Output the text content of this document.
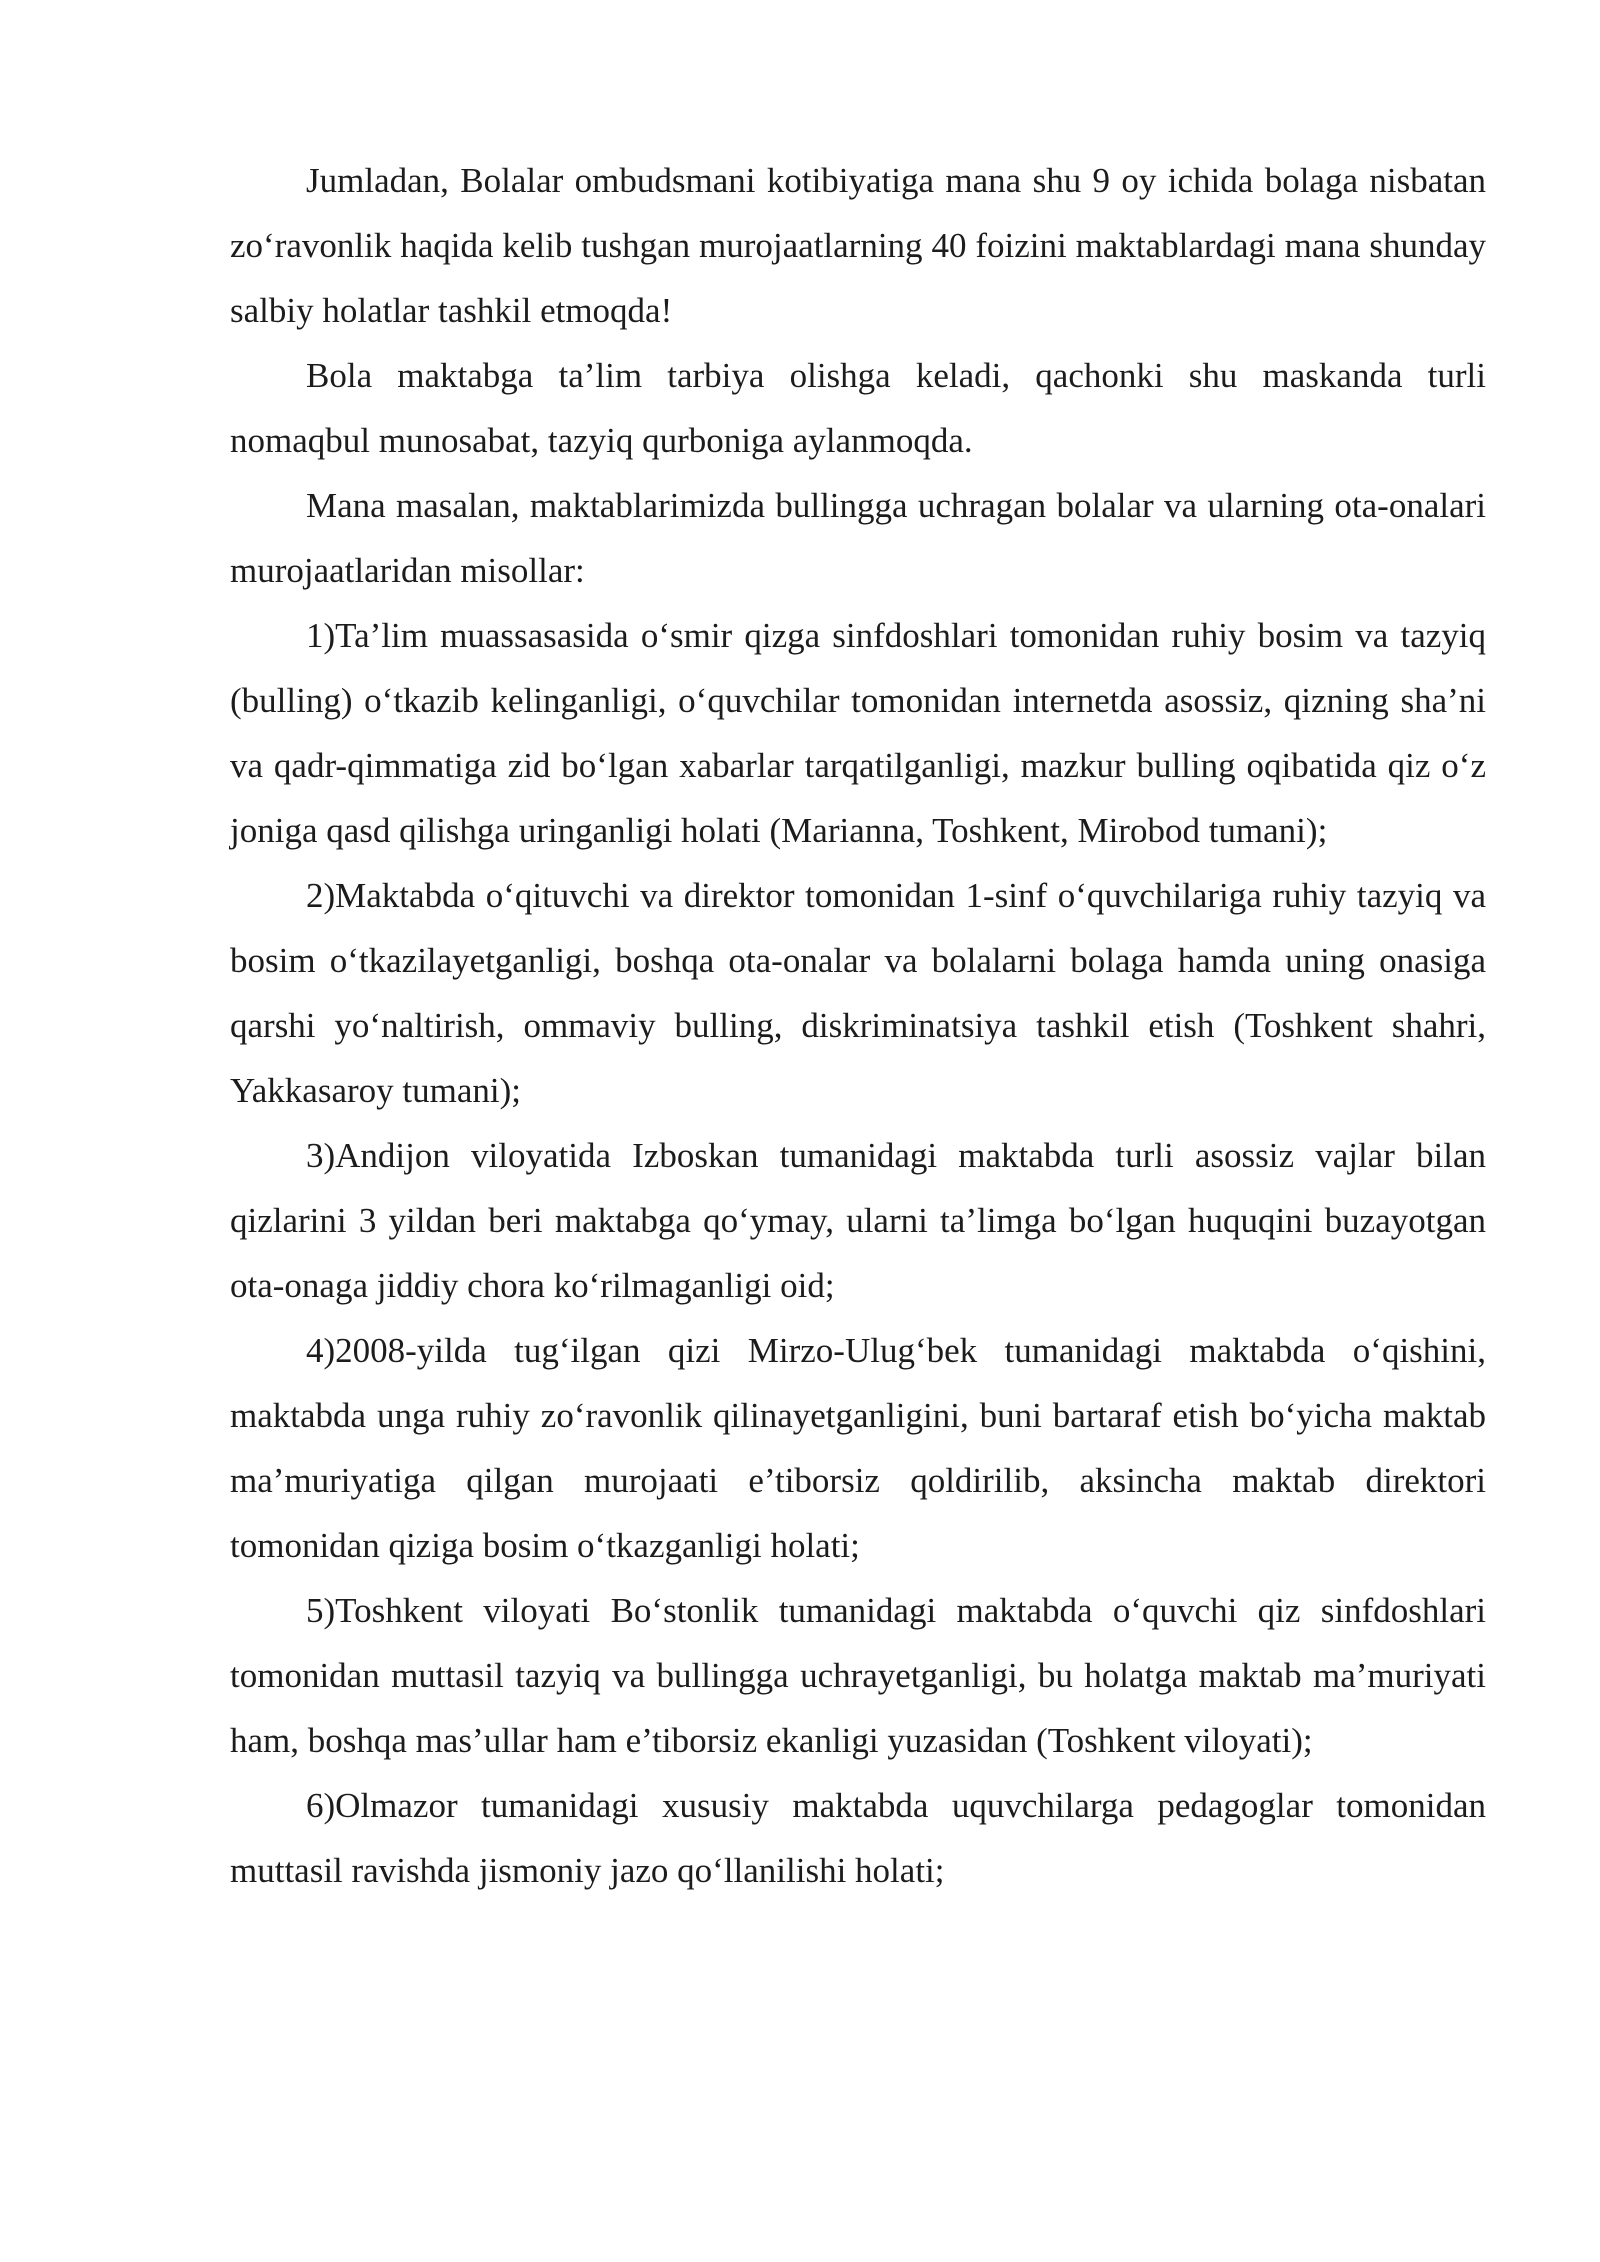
Jumladan, Bolalar ombudsmani kotibiyatiga mana shu 9 oy ichida bolaga nisbatan zo‘ravonlik haqida kelib tushgan murojaatlarning 40 foizini maktablardagi mana shunday salbiy holatlar tashkil etmoqda!

Bola maktabga ta’lim tarbiya olishga keladi, qachonki shu maskanda turli nomaqbul munosabat, tazyiq qurboniga aylanmoqda.

Mana masalan, maktablarimizda bullingga uchragan bolalar va ularning ota-onalari murojaatlaridan misollar:

1)Ta’lim muassasasida o‘smir qizga sinfdoshlari tomonidan ruhiy bosim va tazyiq (bulling) o‘tkazib kelinganligi, o‘quvchilar tomonidan internetda asossiz, qizning sha’ni va qadr-qimmatiga zid bo‘lgan xabarlar tarqatilganligi, mazkur bulling oqibatida qiz o‘z joniga qasd qilishga uringanligi holati (Marianna, Toshkent, Mirobod tumani);

2)Maktabda o‘qituvchi va direktor tomonidan 1-sinf o‘quvchilariga ruhiy tazyiq va bosim o‘tkazilayetganligi, boshqa ota-onalar va bolalarni bolaga hamda uning onasiga qarshi yo‘naltirish, ommaviy bulling, diskriminatsiya tashkil etish (Toshkent shahri, Yakkasaroy tumani);

3)Andijon viloyatida Izboskan tumanidagi maktabda turli asossiz vajlar bilan qizlarini 3 yildan beri maktabga qo‘ymay, ularni ta’limga bo‘lgan huquqini buzayotgan ota-onaga jiddiy chora ko‘rilmaganligi oid;

4)2008-yilda tug‘ilgan qizi Mirzo-Ulug‘bek tumanidagi maktabda o‘qishini, maktabda unga ruhiy zo‘ravonlik qilinayetganligini, buni bartaraf etish bo‘yicha maktab ma’muriyatiga qilgan murojaati e’tiborsiz qoldirilib, aksincha maktab direktori tomonidan qiziga bosim o‘tkazganligi holati;

5)Toshkent viloyati Bo‘stonlik tumanidagi maktabda o‘quvchi qiz sinfdoshlari tomonidan muttasil tazyiq va bullingga uchrayetganligi, bu holatga maktab ma’muriyati ham, boshqa mas’ullar ham e’tiborsiz ekanligi yuzasidan (Toshkent viloyati);

6)Olmazor tumanidagi xususiy maktabda uquvchilarga pedagoglar tomonidan muttasil ravishda jismoniy jazo qo‘llanilishi holati;
